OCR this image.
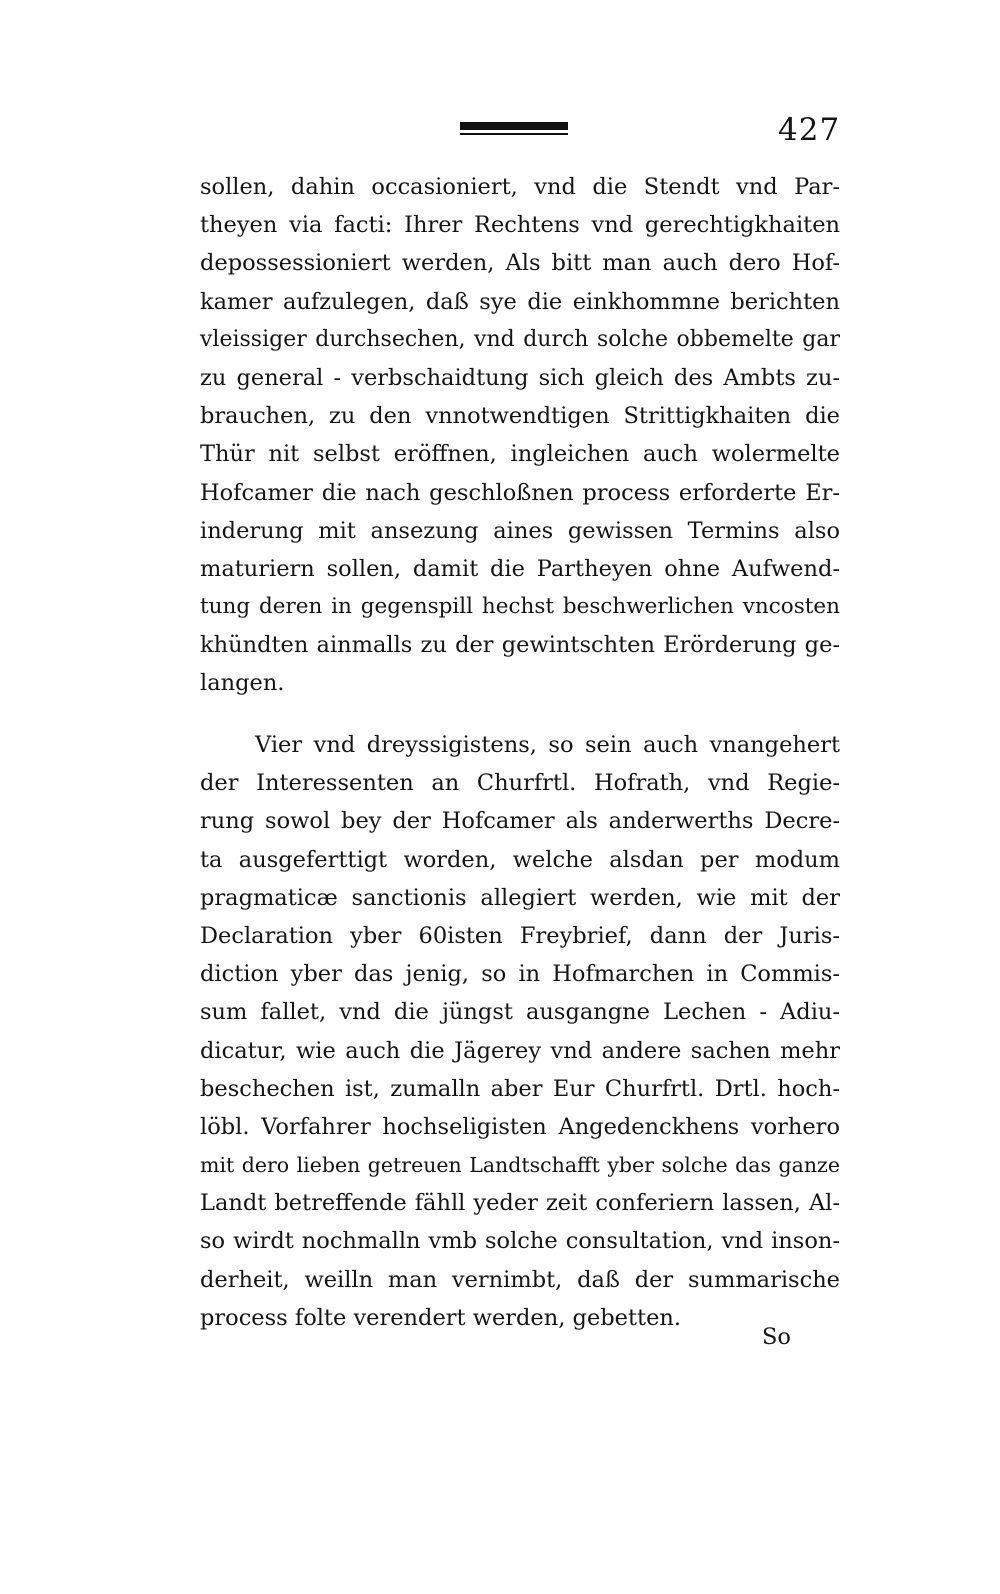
427
sollen, dahin occasioniert, vnd die Stendt vnd Par-
theyen via facti: Ihrer Rechtens vnd gerechtigkhaiten
depossessioniert werden, Als bitt man auch dero Hof-
kamer aufzulegen, daß sye die einkhommne berichten
vleissiger durchsechen, vnd durch solche obbemelte gar
zu general - verbschaidtung sich gleich des Ambts zu-
brauchen, zu den vnnotwendtigen Strittigkhaiten die
Thür nit selbst eröffnen, ingleichen auch wolermelte
Hofcamer die nach geschloßnen process erforderte Er-
inderung mit ansezung aines gewissen Termins also
maturiern sollen, damit die Partheyen ohne Aufwend-
tung deren in gegenspill hechst beschwerlichen vncosten
khündten ainmalls zu der gewintschten Erörderung ge-
langen.
Vier vnd dreyssigistens, so sein auch vnangehert
der Interessenten an Churfrtl. Hofrath, vnd Regie-
rung sowol bey der Hofcamer als anderwerths Decre-
ta ausgeferttigt worden, welche alsdan per modum
pragmaticæ sanctionis allegiert werden, wie mit der
Declaration yber 60isten Freybrief, dann der Juris-
diction yber das jenig, so in Hofmarchen in Commis-
sum fallet, vnd die jüngst ausgangne Lechen - Adiu-
dicatur, wie auch die Jägerey vnd andere sachen mehr
beschechen ist, zumalln aber Eur Churfrtl. Drtl. hoch-
löbl. Vorfahrer hochseligisten Angedenckhens vorhero
mit dero lieben getreuen Landtschafft yber solche das ganze
Landt betreffende fähll yeder zeit conferiern lassen, Al-
so wirdt nochmalln vmb solche consultation, vnd inson-
derheit, weilln man vernimbt, daß der summarische
process folte verendert werden, gebetten.
So
